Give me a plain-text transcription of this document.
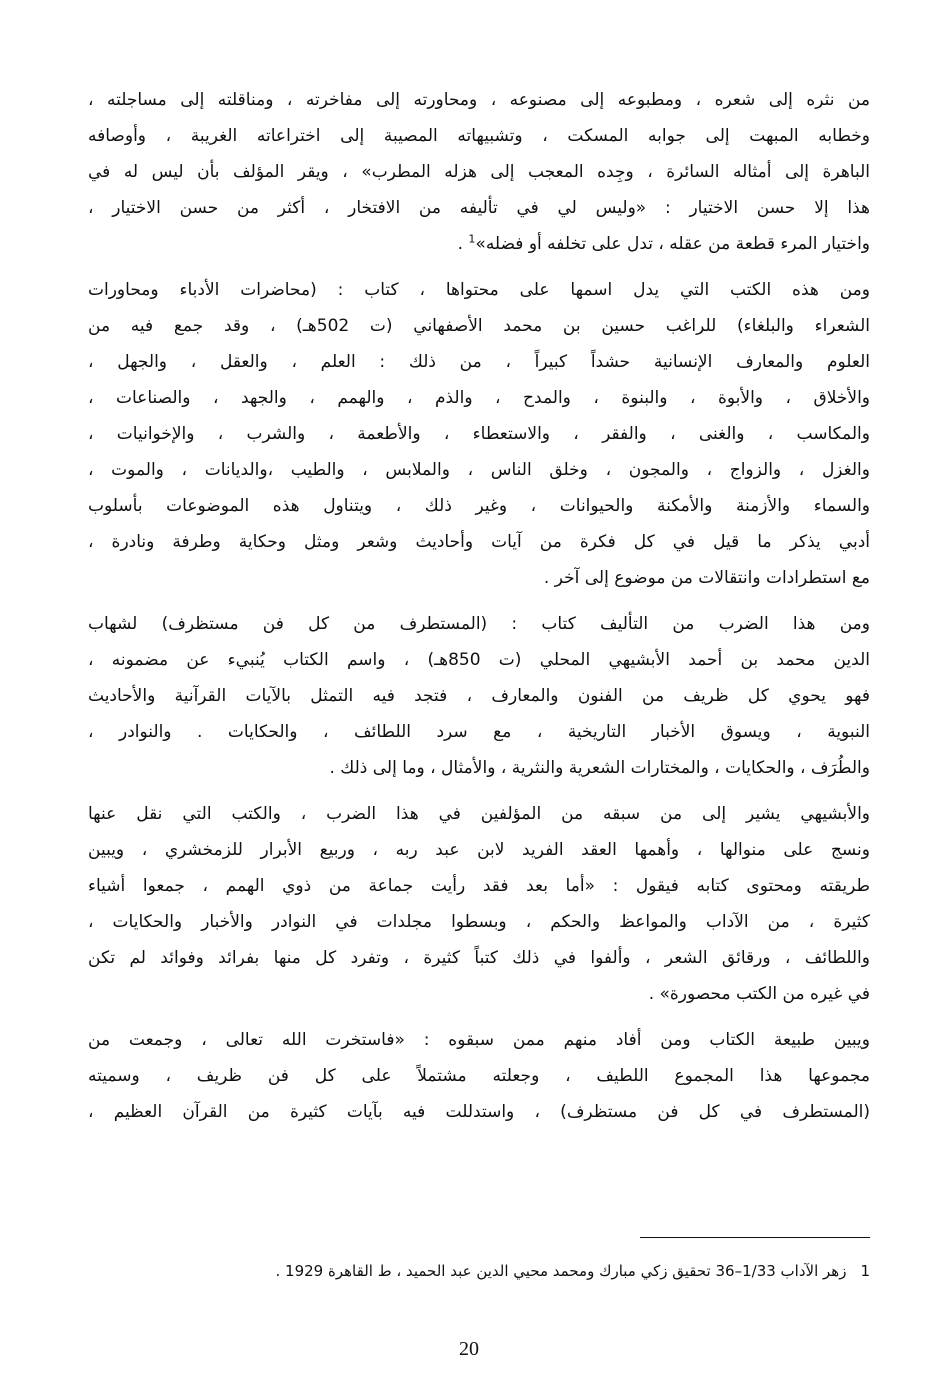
من نثره إلى شعره ، ومطبوعه إلى مصنوعه ، ومحاورته إلى مفاخرته ، ومناقلته إلى مساجلته ،
وخطابه المبهت إلى جوابه المسكت ، وتشبيهاته المصيبة إلى اختراعاته الغريبة ، وأوصافه
الباهرة إلى أمثاله السائرة ، وجِده المعجب إلى هزله المطرب» ، ويقر المؤلف بأن ليس له في
هذا إلا حسن الاختيار : «وليس لي في تأليفه من الافتخار ، أكثر من حسن الاختيار ،
واختيار المرء قطعة من عقله ، تدل على تخلفه أو فضله»$^1$ .
ومن هذه الكتب التي يدل اسمها على محتواها ، كتاب : (محاضرات الأدباء ومحاورات
الشعراء والبلغاء) للراغب حسين بن محمد الأصفهاني (ت 502هـ) ، وقد جمع فيه من
العلوم والمعارف الإنسانية حشداً كبيراً ، من ذلك : العلم ، والعقل ، والجهل ،
والأخلاق ، والأبوة ، والبنوة ، والمدح ، والذم ، والهمم ، والجهد ، والصناعات ،
والمكاسب ، والغنى ، والفقر ، والاستعطاء ، والأطعمة ، والشرب ، والإخوانيات ،
والغزل ، والزواج ، والمجون ، وخلق الناس ، والملابس ، والطيب ،والديانات ، والموت ،
والسماء والأزمنة والأمكنة والحيوانات ، وغير ذلك ، ويتناول هذه الموضوعات بأسلوب
أدبي يذكر ما قيل في كل فكرة من آيات وأحاديث وشعر ومثل وحكاية وطرفة ونادرة ،
مع استطرادات وانتقالات من موضوع إلى آخر .
ومن هذا الضرب من التأليف كتاب : (المستطرف من كل فن مستظرف) لشهاب
الدين محمد بن أحمد الأبشيهي المحلي (ت 850هـ) ، واسم الكتاب يُنبيء عن مضمونه ،
فهو يحوي كل ظريف من الفنون والمعارف ، فتجد فيه التمثل بالآيات القرآنية والأحاديث
النبوية ، ويسوق الأخبار التاريخية ، مع سرد اللطائف ، والحكايات . والنوادر ،
والطُرَف ، والحكايات ، والمختارات الشعرية والنثرية ، والأمثال ، وما إلى ذلك .
والأبشيهي يشير إلى من سبقه من المؤلفين في هذا الضرب ، والكتب التي نقل عنها
ونسج على منوالها ، وأهمها العقد الفريد لابن عبد ربه ، وربيع الأبرار للزمخشري ، ويبين
طريقته ومحتوى كتابه فيقول : «أما بعد فقد رأيت جماعة من ذوي الهمم ، جمعوا أشياء
كثيرة ، من الآداب والمواعظ والحكم ، وبسطوا مجلدات في النوادر والأخبار والحكايات ،
واللطائف ، ورقائق الشعر ، وألفوا في ذلك كتباً كثيرة ، وتفرد كل منها بفرائد وفوائد لم تكن
في غيره من الكتب محصورة» .
ويبين طبيعة الكتاب ومن أفاد منهم ممن سبقوه : «فاستخرت الله تعالى ، وجمعت من
مجموعها هذا المجموع اللطيف ، وجعلته مشتملاً على كل فن ظريف ، وسميته
(المستطرف في كل فن مستظرف) ، واستدللت فيه بآيات كثيرة من القرآن العظيم ،
1زهر الآداب 1/33–36 تحقيق زكي مبارك ومحمد محيي الدين عبد الحميد ، ط القاهرة 1929 .
20
